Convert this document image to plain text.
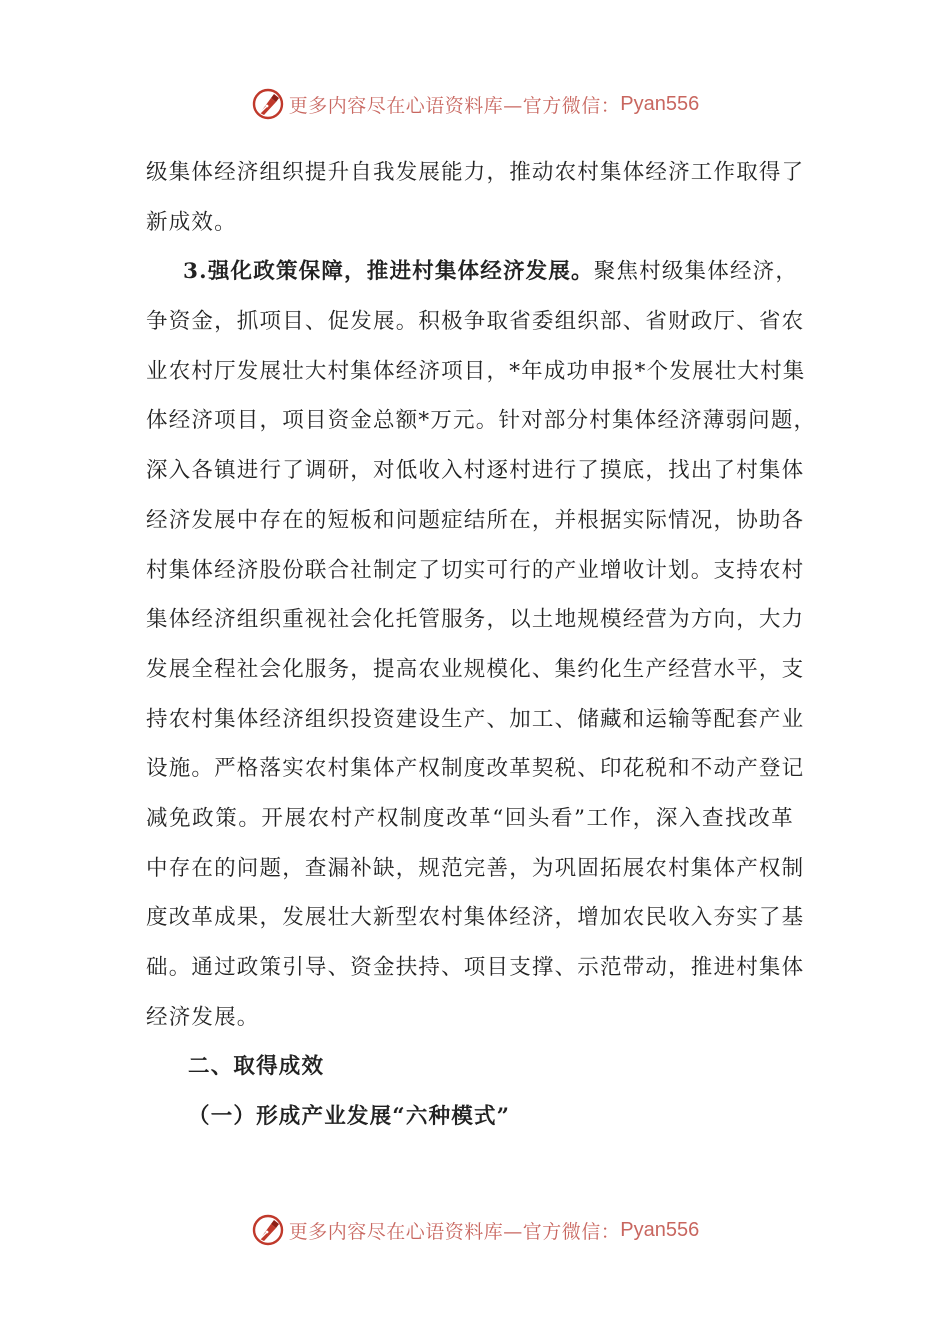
更多内容尽在心语资料库—官方微信： Pyan556
级集体经济组织提升自我发展能力，推动农村集体经济工作取得了
新成效。
3.强化政策保障，推进村集体经济发展。聚焦村级集体经济，
争资金，抓项目、促发展。积极争取省委组织部、省财政厅、省农
业农村厅发展壮大村集体经济项目，*年成功申报*个发展壮大村集
体经济项目，项目资金总额*万元。针对部分村集体经济薄弱问题，
深入各镇进行了调研，对低收入村逐村进行了摸底，找出了村集体
经济发展中存在的短板和问题症结所在，并根据实际情况，协助各
村集体经济股份联合社制定了切实可行的产业增收计划。支持农村
集体经济组织重视社会化托管服务，以土地规模经营为方向，大力
发展全程社会化服务，提高农业规模化、集约化生产经营水平，支
持农村集体经济组织投资建设生产、加工、储藏和运输等配套产业
设施。严格落实农村集体产权制度改革契税、印花税和不动产登记
减免政策。开展农村产权制度改革“回头看”工作，深入查找改革
中存在的问题，查漏补缺，规范完善，为巩固拓展农村集体产权制
度改革成果，发展壮大新型农村集体经济，增加农民收入夯实了基
础。通过政策引导、资金扶持、项目支撑、示范带动，推进村集体
经济发展。
二、取得成效
（一）形成产业发展“六种模式”
更多内容尽在心语资料库—官方微信： Pyan556
